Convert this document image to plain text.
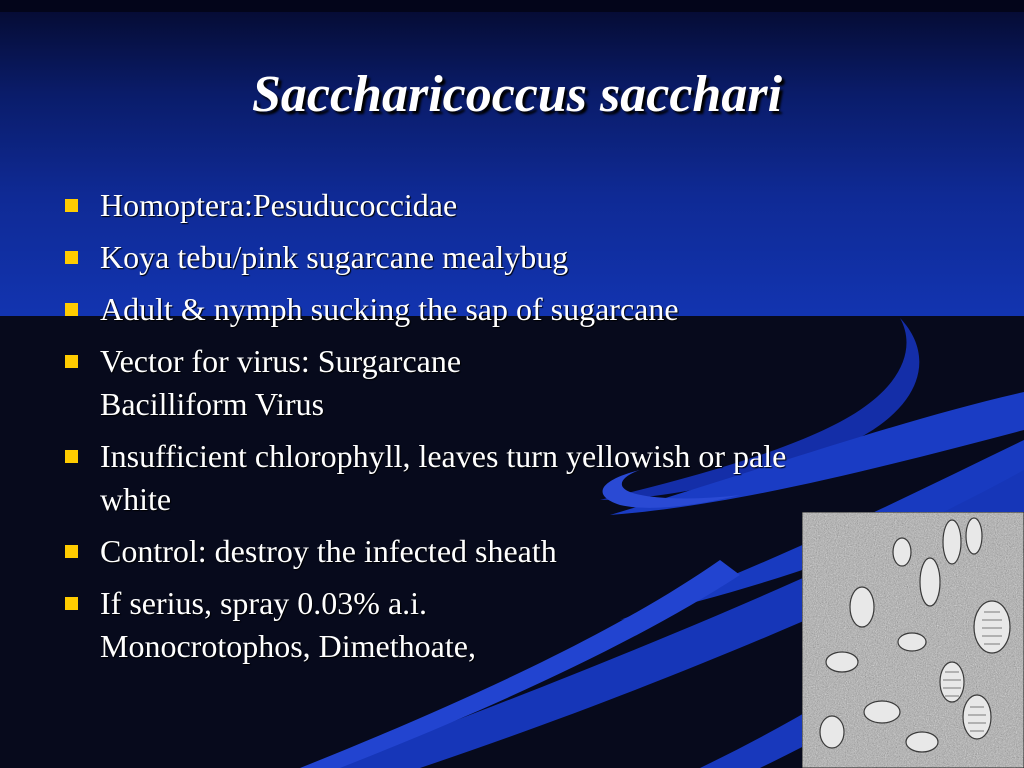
Saccharicoccus sacchari
Homoptera:Pesuducoccidae
Koya tebu/pink sugarcane mealybug
Adult & nymph sucking the sap of sugarcane
Vector for virus: Surgarcane
Bacilliform Virus
Insufficient chlorophyll, leaves turn yellowish or pale
white
Control: destroy the infected sheath
If serius, spray 0.03% a.i.
Monocrotophos, Dimethoate,
